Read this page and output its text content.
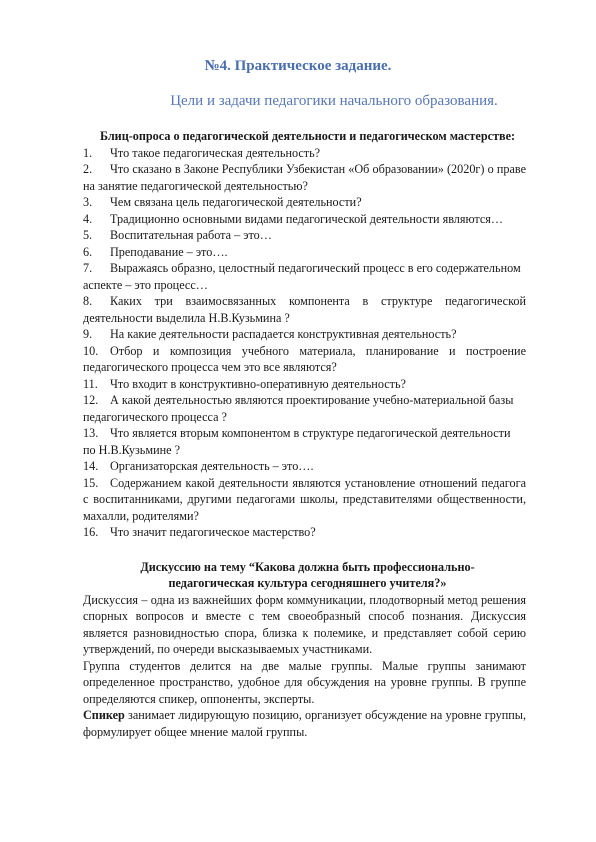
№4. Практическое задание.
Цели и задачи педагогики начального образования.

Блиц-опроса о педагогической деятельности и педагогическом мастерстве:

1. Что такое педагогическая деятельность?

2. Что сказано в Законе Республики Узбекистан «Об образовании» (2020г) о праве на занятие педагогической деятельностью?

3. Чем связана цель педагогической деятельности?

4. Традиционно основными видами педагогической деятельности являются…

5. Воспитательная работа – это…

6. Преподавание – это….

7. Выражаясь образно, целостный педагогический процесс в его содержательном аспекте – это процесс…

8. Каких три взаимосвязанных компонента в структуре педагогической деятельности выделила Н.В.Кузьмина ?

9. На какие деятельности распадается конструктивная деятельность?

10. Отбор и композиция учебного материала, планирование и построение педагогического процесса чем это все являются?

11. Что входит в конструктивно-оперативную деятельность?

12. А какой деятельностью являются проектирование учебно-материальной базы педагогического процесса ?

13. Что является вторым компонентом в структуре педагогической деятельности по Н.В.Кузьмине ?

14. Организаторская деятельность – это….

15. Содержанием какой деятельности являются установление отношений педагога с воспитанниками, другими педагогами школы, представителями общественности, махалли, родителями?

16. Что значит педагогическое мастерство?

Дискуссию на тему “Какова должна быть профессионально-педагогическая культура сегодняшнего учителя?»

Дискуссия – одна из важнейших форм коммуникации, плодотворный метод решения спорных вопросов и вместе с тем своеобразный способ познания. Дискуссия является разновидностью спора, близка к полемике, и представляет собой серию утверждений, по очереди высказываемых участниками.

Группа студентов делится на две малые группы. Малые группы занимают определенное пространство, удобное для обсуждения на уровне группы. В группе определяются спикер, оппоненты, эксперты.

Спикер занимает лидирующую позицию, организует обсуждение на уровне группы, формулирует общее мнение малой группы.
